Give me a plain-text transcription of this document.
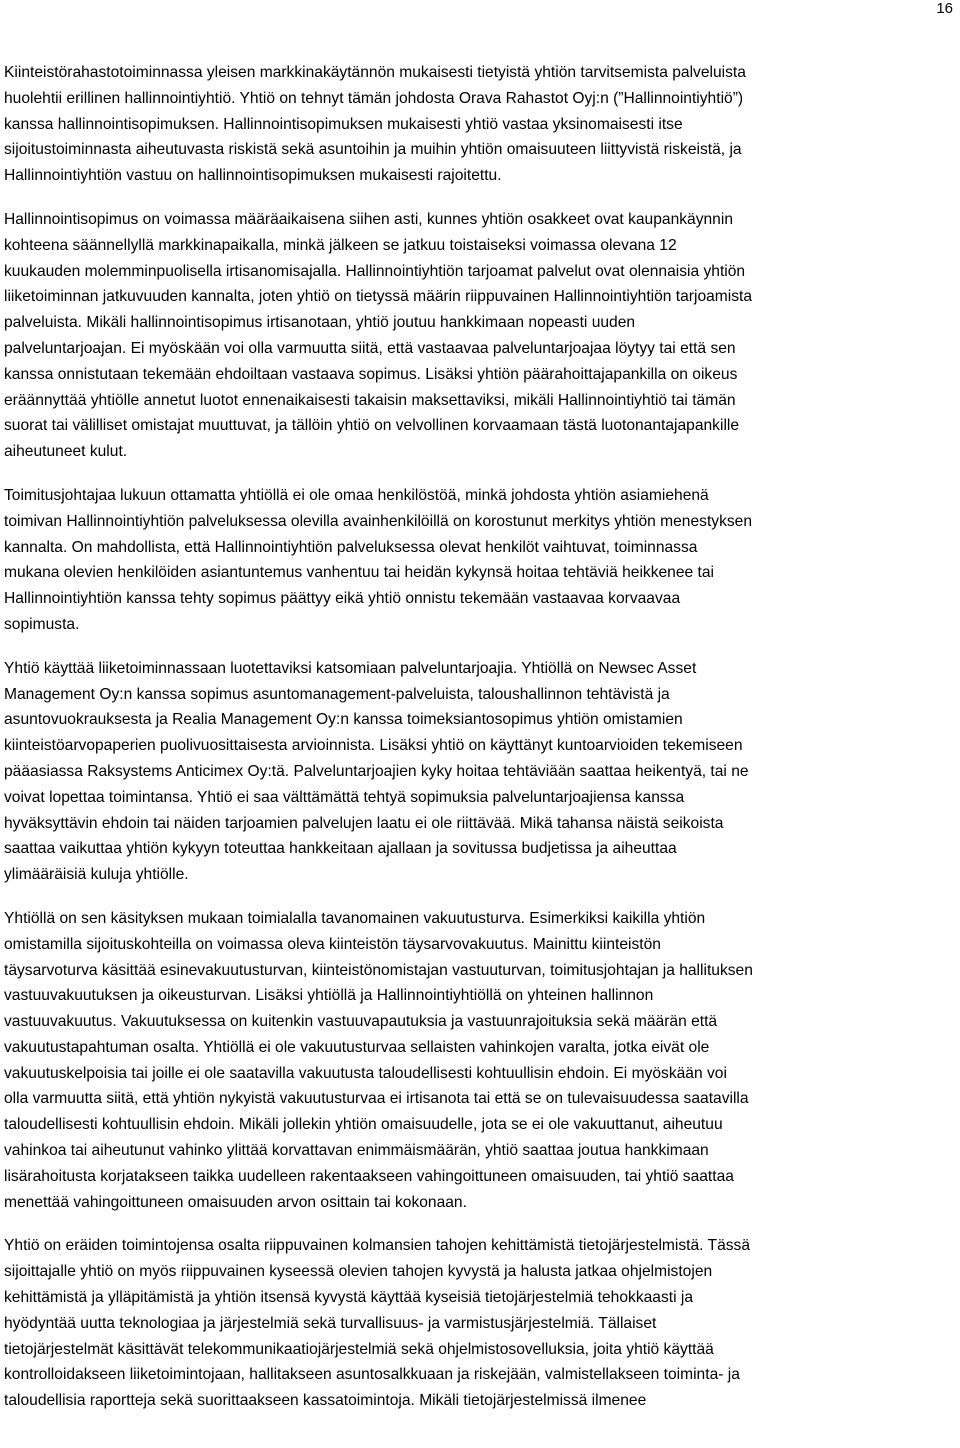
16

Kiinteistörahastotoiminnassa yleisen markkinakäytännön mukaisesti tietyistä yhtiön tarvitsemista palveluista
huolehtii erillinen hallinnointiyhtiö. Yhtiö on tehnyt tämän johdosta Orava Rahastot Oyj:n (”Hallinnointiyhtiö”)
kanssa hallinnointisopimuksen. Hallinnointisopimuksen mukaisesti yhtiö vastaa yksinomaisesti itse
sijoitustoiminnasta aiheutuvasta riskistä sekä asuntoihin ja muihin yhtiön omaisuuteen liittyvistä riskeistä, ja
Hallinnointiyhtiön vastuu on hallinnointisopimuksen mukaisesti rajoitettu.

Hallinnointisopimus on voimassa määräaikaisena siihen asti, kunnes yhtiön osakkeet ovat kaupankäynnin
kohteena säännellyllä markkinapaikalla, minkä jälkeen se jatkuu toistaiseksi voimassa olevana 12
kuukauden molemminpuolisella irtisanomisajalla. Hallinnointiyhtiön tarjoamat palvelut ovat olennaisia yhtiön
liiketoiminnan jatkuvuuden kannalta, joten yhtiö on tietyssä määrin riippuvainen Hallinnointiyhtiön tarjoamista
palveluista. Mikäli hallinnointisopimus irtisanotaan, yhtiö joutuu hankkimaan nopeasti uuden
palveluntarjoajan. Ei myöskään voi olla varmuutta siitä, että vastaavaa palveluntarjoajaa löytyy tai että sen
kanssa onnistutaan tekemään ehdoiltaan vastaava sopimus. Lisäksi yhtiön päärahoittajapankilla on oikeus
eräännyttää yhtiölle annetut luotot ennenaikaisesti takaisin maksettaviksi, mikäli Hallinnointiyhtiö tai tämän
suorat tai välilliset omistajat muuttuvat, ja tällöin yhtiö on velvollinen korvaamaan tästä luotonantajapankille
aiheutuneet kulut.

Toimitusjohtajaa lukuun ottamatta yhtiöllä ei ole omaa henkilöstöä, minkä johdosta yhtiön asiamiehenä
toimivan Hallinnointiyhtiön palveluksessa olevilla avainhenkilöillä on korostunut merkitys yhtiön menestyksen
kannalta. On mahdollista, että Hallinnointiyhtiön palveluksessa olevat henkilöt vaihtuvat, toiminnassa
mukana olevien henkilöiden asiantuntemus vanhentuu tai heidän kykynsä hoitaa tehtäviä heikkenee tai
Hallinnointiyhtiön kanssa tehty sopimus päättyy eikä yhtiö onnistu tekemään vastaavaa korvaavaa
sopimusta.

Yhtiö käyttää liiketoiminnassaan luotettaviksi katsomiaan palveluntarjoajia. Yhtiöllä on Newsec Asset
Management Oy:n kanssa sopimus asuntomanagement-palveluista, taloushallinnon tehtävistä ja
asuntovuokrauksesta ja Realia Management Oy:n kanssa toimeksiantosopimus yhtiön omistamien
kiinteistöarvopaperien puolivuosittaisesta arvioinnista. Lisäksi yhtiö on käyttänyt kuntoarvioiden tekemiseen
pääasiassa Raksystems Anticimex Oy:tä. Palveluntarjoajien kyky hoitaa tehtäviään saattaa heikentyä, tai ne
voivat lopettaa toimintansa. Yhtiö ei saa välttämättä tehtyä sopimuksia palveluntarjoajiensa kanssa
hyväksyttävin ehdoin tai näiden tarjoamien palvelujen laatu ei ole riittävää. Mikä tahansa näistä seikoista
saattaa vaikuttaa yhtiön kykyyn toteuttaa hankkeitaan ajallaan ja sovitussa budjetissa ja aiheuttaa
ylimääräisiä kuluja yhtiölle.

Yhtiöllä on sen käsityksen mukaan toimialalla tavanomainen vakuutusturva. Esimerkiksi kaikilla yhtiön
omistamilla sijoituskohteilla on voimassa oleva kiinteistön täysarvovakuutus. Mainittu kiinteistön
täysarvoturva käsittää esinevakuutusturvan, kiinteistönomistajan vastuuturvan, toimitusjohtajan ja hallituksen
vastuuvakuutuksen ja oikeusturvan. Lisäksi yhtiöllä ja Hallinnointiyhtiöllä on yhteinen hallinnon
vastuuvakuutus. Vakuutuksessa on kuitenkin vastuuvapautuksia ja vastuunrajoituksia sekä määrän että
vakuutustapahtuman osalta. Yhtiöllä ei ole vakuutusturvaa sellaisten vahinkojen varalta, jotka eivät ole
vakuutuskelpoisia tai joille ei ole saatavilla vakuutusta taloudellisesti kohtuullisin ehdoin. Ei myöskään voi
olla varmuutta siitä, että yhtiön nykyistä vakuutusturvaa ei irtisanota tai että se on tulevaisuudessa saatavilla
taloudellisesti kohtuullisin ehdoin. Mikäli jollekin yhtiön omaisuudelle, jota se ei ole vakuuttanut, aiheutuu
vahinkoa tai aiheutunut vahinko ylittää korvattavan enimmäismäärän, yhtiö saattaa joutua hankkimaan
lisärahoitusta korjatakseen taikka uudelleen rakentaakseen vahingoittuneen omaisuuden, tai yhtiö saattaa
menettää vahingoittuneen omaisuuden arvon osittain tai kokonaan.

Yhtiö on eräiden toimintojensa osalta riippuvainen kolmansien tahojen kehittämistä tietojärjestelmistä. Tässä
sijoittajalle yhtiö on myös riippuvainen kyseessä olevien tahojen kyvystä ja halusta jatkaa ohjelmistojen
kehittämistä ja ylläpitämistä ja yhtiön itsensä kyvystä käyttää kyseisiä tietojärjestelmiä tehokkaasti ja
hyödyntää uutta teknologiaa ja järjestelmiä sekä turvallisuus- ja varmistusjärjestelmiä. Tällaiset
tietojärjestelmät käsittävät telekommunikaatiojärjestelmiä sekä ohjelmistosovelluksia, joita yhtiö käyttää
kontrolloidakseen liiketoimintojaan, hallitakseen asuntosalkkuaan ja riskejään, valmistellakseen toiminta- ja
taloudellisia raportteja sekä suorittaakseen kassatoimintoja. Mikäli tietojärjestelmissä ilmenee
